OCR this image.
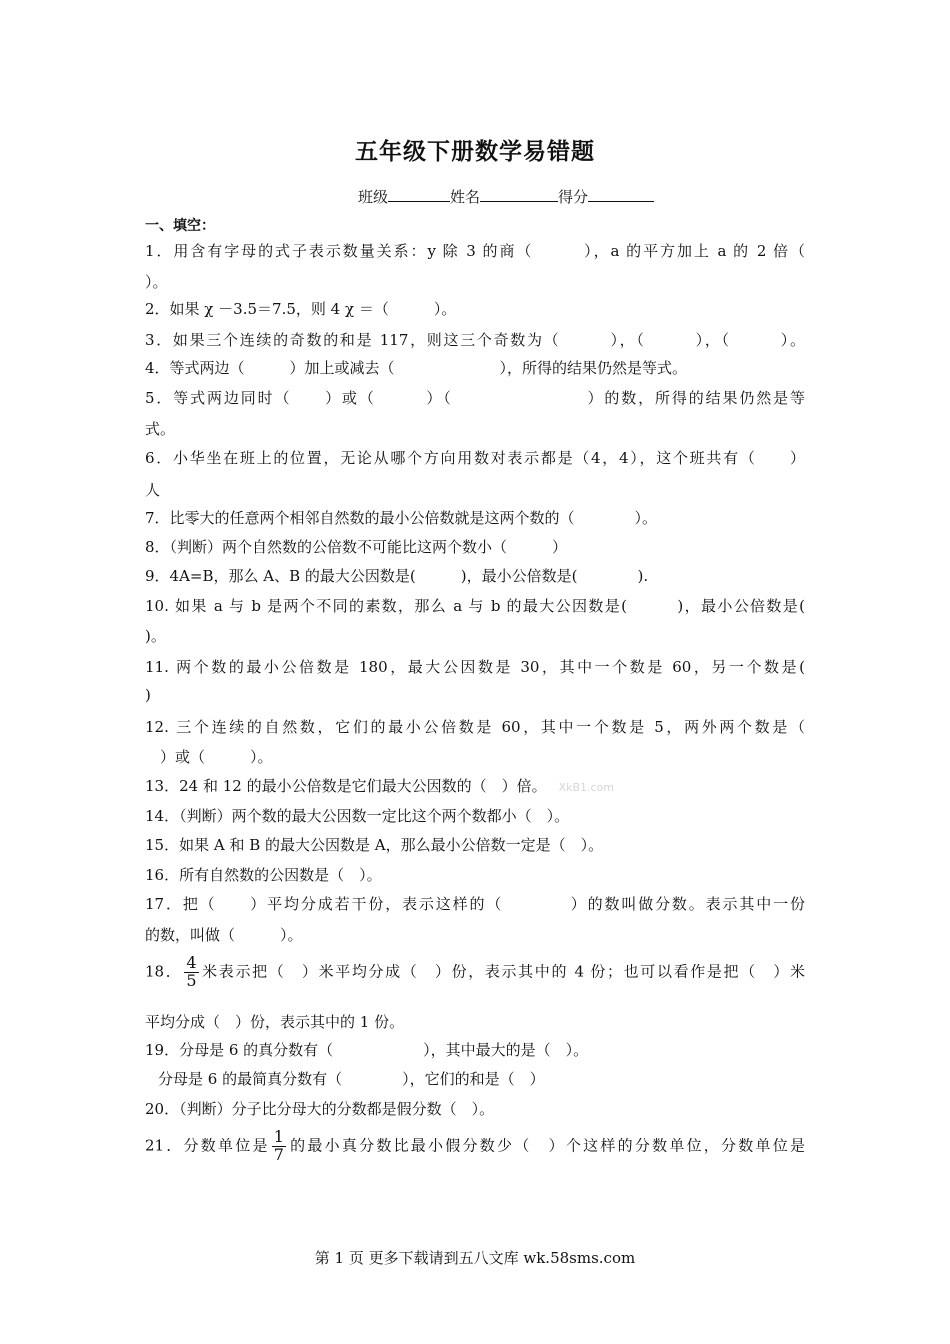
五年级下册数学易错题
班级	姓名	得分
一、填空：
1．用含有字母的式子表示数量关系：y 除 3 的商（　　　），a 的平方加上 a 的 2 倍（
）。
2．如果 χ －3.5＝7.5，则 4 χ ＝（　　　）。
3．如果三个连续的奇数的和是 117，则这三个奇数为（　　　），（　　　），（　　　）。
4．等式两边（　　　）加上或减去（　　　　　　　），所得的结果仍然是等式。
5．等式两边同时（　　）或（　　　）（　　　　　　　　）的数，所得的结果仍然是等
式。
6．小华坐在班上的位置，无论从哪个方向用数对表示都是（4，4），这个班共有（　　）
人
7．比零大的任意两个相邻自然数的最小公倍数就是这两个数的（　　　　）。
8．（判断）两个自然数的公倍数不可能比这两个数小（　　　）
9．4A=B，那么 A、B 的最大公因数是(　　　)，最小公倍数是(　　　　).
10. 如果 a 与 b 是两个不同的素数，那么 a 与 b 的最大公因数是(　　　)，最小公倍数是(
)。
11. 两个数的最小公倍数是 180，最大公因数是 30，其中一个数是 60，另一个数是(
)
12. 三个连续的自然数，它们的最小公倍数是 60，其中一个数是 5，两外两个数是（
　）或（　　　）。
13．24 和 12 的最小公倍数是它们最大公因数的（　）倍。 XkB1.com
14．（判断）两个数的最大公因数一定比这个两个数都小（　）。
15．如果 A 和 B 的最大公因数是 A，那么最小公倍数一定是（　）。
16．所有自然数的公因数是（　）。
17．把（　　）平均分成若干份，表示这样的（　　　　）的数叫做分数。表示其中一份
的数，叫做（　　　）。
18． $\frac{4}{5}$ 米表示把（　）米平均分成（　）份，表示其中的 4 份；也可以看作是把（　）米
平均分成（　）份，表示其中的 1 份。
19．分母是 6 的真分数有（　　　　　　），其中最大的是（　）。
分母是 6 的最简真分数有（　　　　），它们的和是（　）
20．（判断）分子比分母大的分数都是假分数（　）。
21．分数单位是 $\frac{1}{7}$ 的最小真分数比最小假分数少（　）个这样的分数单位，分数单位是
第 1 页 更多下载请到五八文库 wk.58sms.com
